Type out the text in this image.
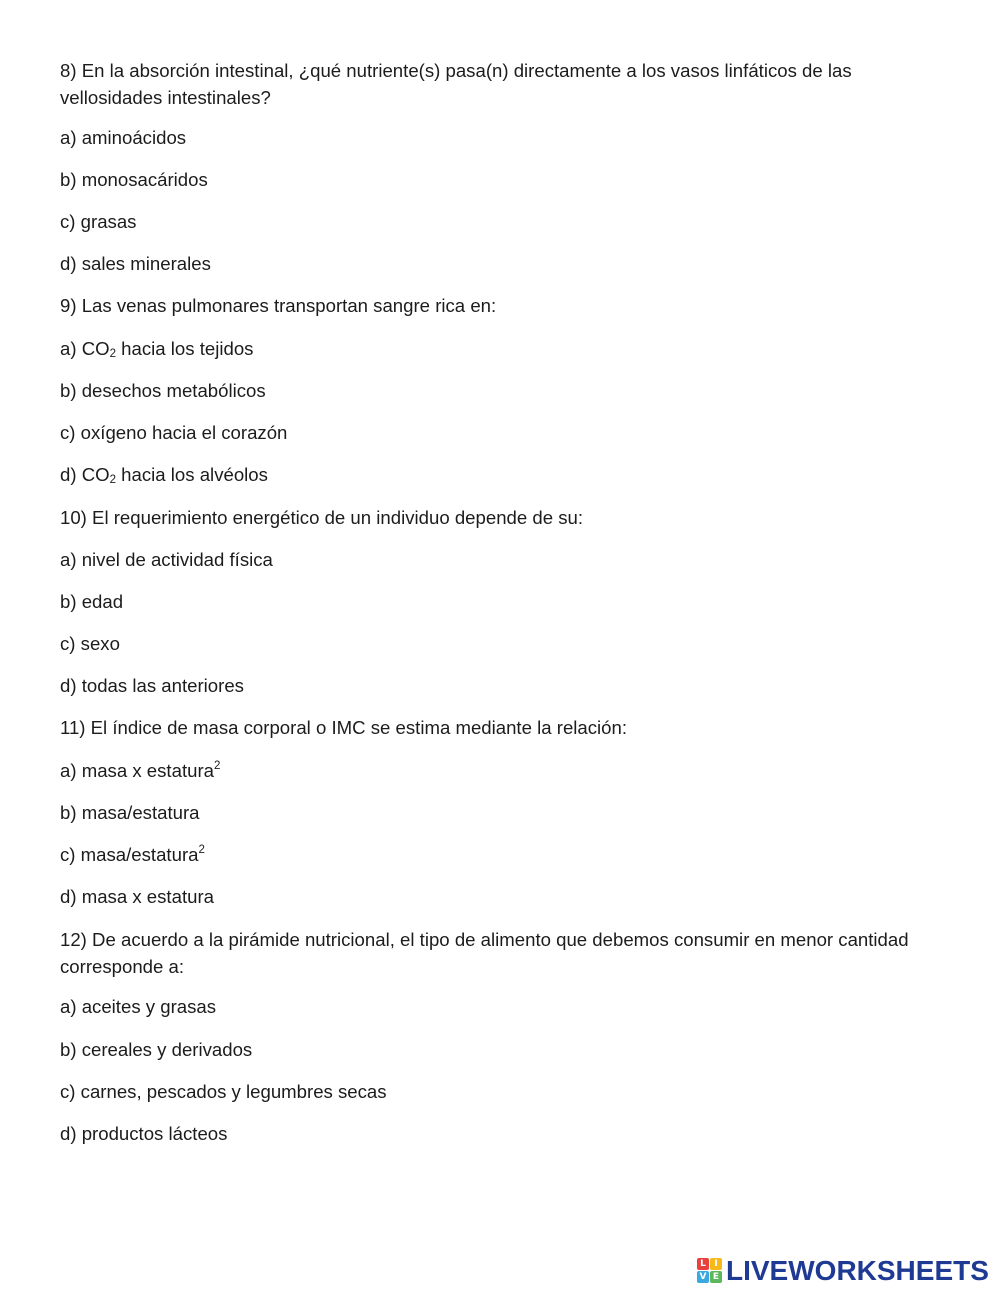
8) En la absorción intestinal, ¿qué nutriente(s) pasa(n) directamente a los vasos linfáticos de las vellosidades intestinales?
a) aminoácidos
b) monosacáridos
c) grasas
d) sales minerales
9) Las venas pulmonares transportan sangre rica en:
a) CO2 hacia los tejidos
b) desechos metabólicos
c) oxígeno hacia el corazón
d) CO2 hacia los alvéolos
10) El requerimiento energético de un individuo depende de su:
a) nivel de actividad física
b) edad
c) sexo
d) todas las anteriores
11) El índice de masa corporal o IMC se estima mediante la relación:
a) masa x estatura$^2$
b) masa/estatura
c) masa/estatura$^2$
d) masa x estatura
12) De acuerdo a la pirámide nutricional, el tipo de alimento que debemos consumir en menor cantidad corresponde a:
a) aceites y grasas
b) cereales y derivados
c) carnes, pescados y legumbres secas
d) productos lácteos
L I
V E LIVEWORKSHEETS
